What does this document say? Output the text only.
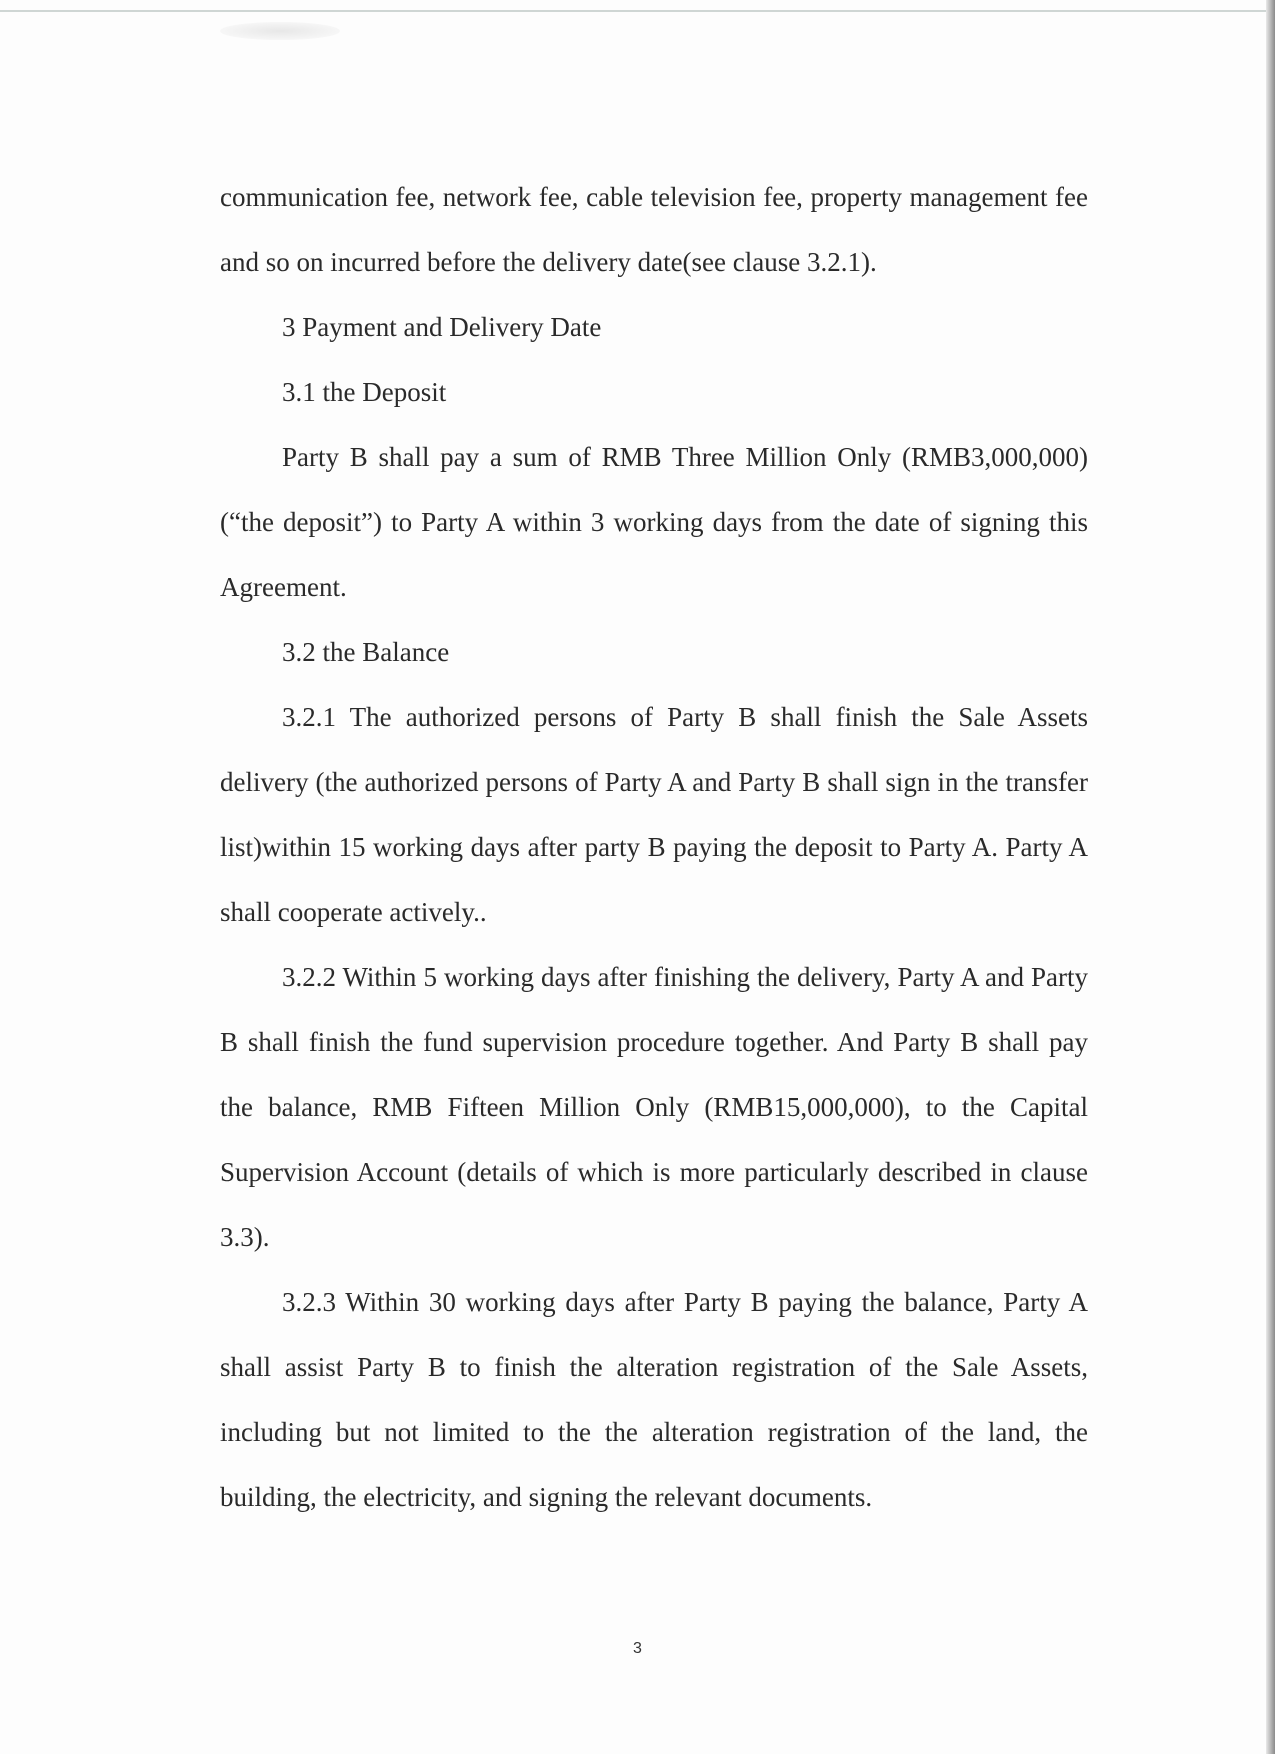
communication fee, network fee, cable television fee, property management fee and so on incurred before the delivery date(see clause 3.2.1).

3 Payment and Delivery Date

3.1 the Deposit

Party B shall pay a sum of RMB Three Million Only (RMB3,000,000) (“the deposit”) to Party A within 3 working days from the date of signing this Agreement.

3.2 the Balance

3.2.1 The authorized persons of Party B shall finish the Sale Assets delivery (the authorized persons of Party A and Party B shall sign in the transfer list)within 15 working days after party B paying the deposit to Party A. Party A shall cooperate actively..

3.2.2 Within 5 working days after finishing the delivery, Party A and Party B shall finish the fund supervision procedure together. And Party B shall pay the balance, RMB Fifteen Million Only (RMB15,000,000), to the Capital Supervision Account (details of which is more particularly described in clause 3.3).

3.2.3 Within 30 working days after Party B paying the balance, Party A shall assist Party B to finish the alteration registration of the Sale Assets, including but not limited to the the alteration registration of the land, the building, the electricity, and signing the relevant documents.

3
